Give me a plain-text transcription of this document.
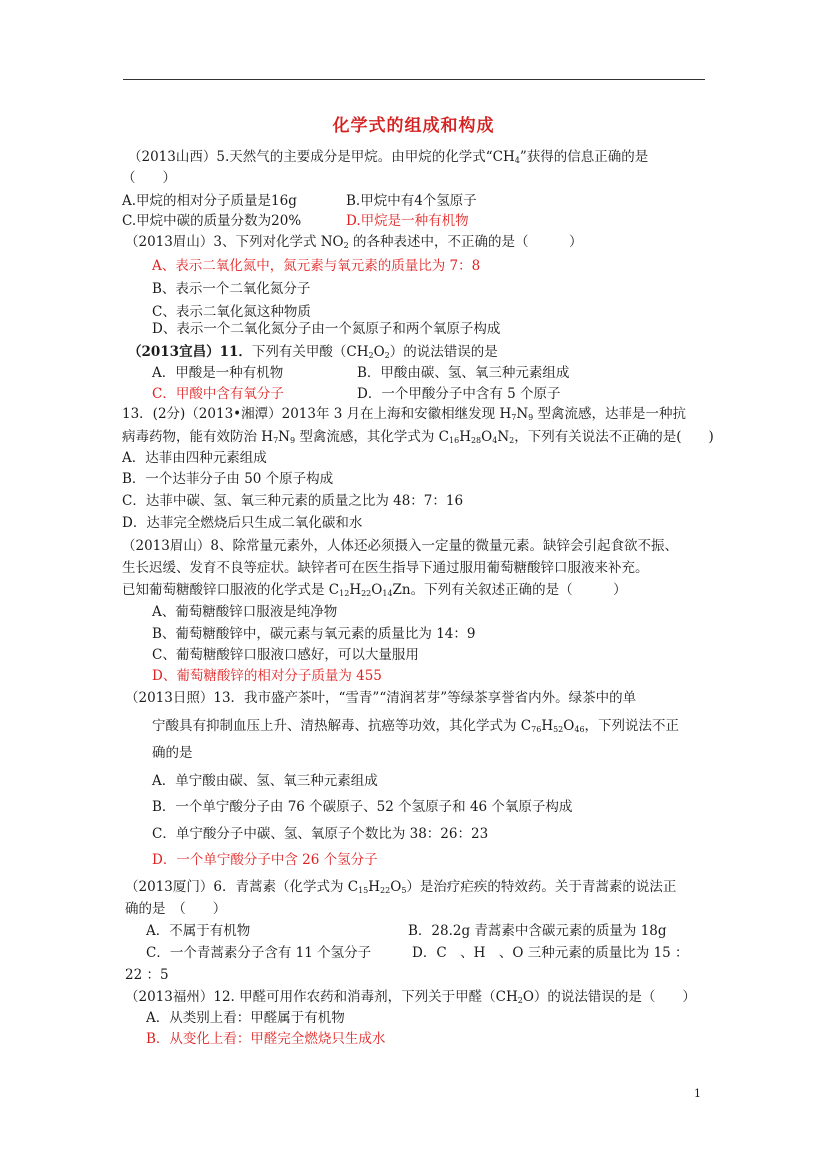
化学式的组成和构成
（2013山西）5.天然气的主要成分是甲烷。由甲烷的化学式“$CH_4$”获得的信息正确的是
（　　）
A.甲烷的相对分子质量是16g	B.甲烷中有4个氢原子
C.甲烷中碳的质量分数为20%	D.甲烷是一种有机物
（2013眉山）3、下列对化学式 $NO_2$ 的各种表述中，不正确的是（　　　）
A、表示二氧化氮中，氮元素与氧元素的质量比为 7：8
B、表示一个二氧化氮分子
C、表示二氧化氮这种物质
D、表示一个二氧化氮分子由一个氮原子和两个氧原子构成
（2013宜昌）11．下列有关甲酸$(CH_2O_2)$的说法错误的是
A．甲酸是一种有机物	B．甲酸由碳、氢、氧三种元素组成
C．甲酸中含有氧分子	D．一个甲酸分子中含有 5 个原子
13．(2分)（2013•湘潭）2013年 3 月在上海和安徽相继发现 $H_7N_9$ 型禽流感，达菲是一种抗
病毒药物，能有效防治 $H_7N_9$ 型禽流感，其化学式为 $C_{16}H_{28}O_4N_2$，下列有关说法不正确的是(　　)
A．达菲由四种元素组成
B．一个达菲分子由 50 个原子构成
C．达菲中碳、氢、氧三种元素的质量之比为 48：7：16
D．达菲完全燃烧后只生成二氧化碳和水
（2013眉山）8、除常量元素外，人体还必须摄入一定量的微量元素。缺锌会引起食欲不振、
生长迟缓、发育不良等症状。缺锌者可在医生指导下通过服用葡萄糖酸锌口服液来补充。
已知葡萄糖酸锌口服液的化学式是 $C_{12}H_{22}O_{14}Zn$。下列有关叙述正确的是（　　　）
A、葡萄糖酸锌口服液是纯净物
B、葡萄糖酸锌中，碳元素与氧元素的质量比为 14：9
C、葡萄糖酸锌口服液口感好，可以大量服用
D、葡萄糖酸锌的相对分子质量为 455
（2013日照）13．我市盛产茶叶，“雪青”“清润茗芽”等绿茶享誉省内外。绿茶中的单
宁酸具有抑制血压上升、清热解毒、抗癌等功效，其化学式为 $C_{76}H_{52}O_{46}$，下列说法不正
确的是
A．单宁酸由碳、氢、氧三种元素组成
B．一个单宁酸分子由 76 个碳原子、52 个氢原子和 46 个氧原子构成
C．单宁酸分子中碳、氢、氧原子个数比为 38：26：23
D．一个单宁酸分子中含 26 个氢分子
（2013厦门）6．青蒿素（化学式为 $C_{15}H_{22}O_5$）是治疗疟疾的特效药。关于青蒿素的说法正
确的是　（　　）
A．不属于有机物	B．28.2g 青蒿素中含碳元素的质量为 18g
C．一个青蒿素分子含有 11 个氢分子	D．C　、H　、O 三种元素的质量比为 15 ：
22 ：5
（2013福州）12. 甲醛可用作农药和消毒剂，下列关于甲醛$(CH_2O)$的说法错误的是（　　）
A．从类别上看：甲醛属于有机物
B．从变化上看：甲醛完全燃烧只生成水
1
